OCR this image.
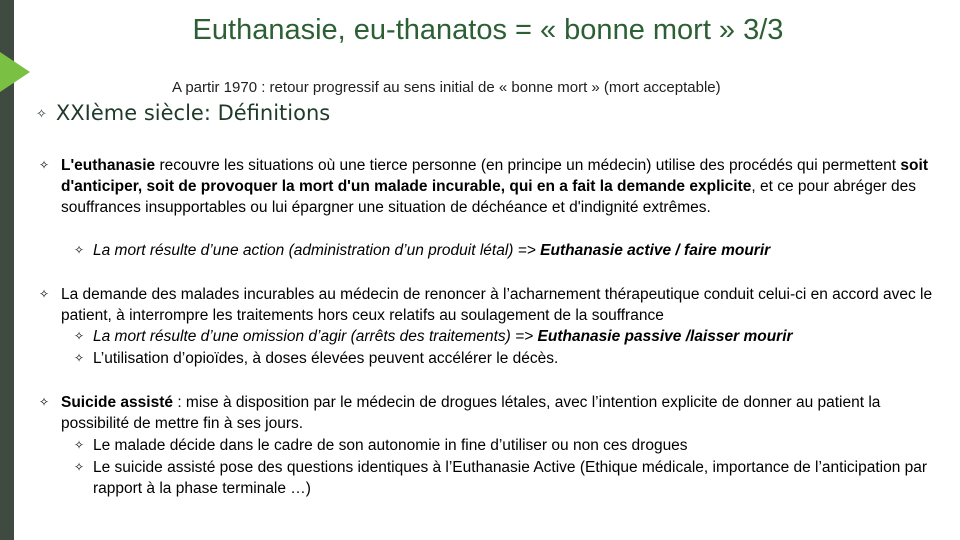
Euthanasie, eu-thanatos = « bonne mort » 3/3
A partir 1970 : retour progressif au sens initial de « bonne mort » (mort acceptable)
✧ XXIème siècle: Définitions
✧ L'euthanasie recouvre les situations où une tierce personne (en principe un médecin) utilise des procédés qui permettent soit d'anticiper, soit de provoquer la mort d'un malade incurable, qui en a fait la demande explicite, et ce pour abréger des souffrances insupportables ou lui épargner une situation de déchéance et d'indignité extrêmes.
✧ La mort résulte d’une action (administration d’un produit létal) => Euthanasie active / faire mourir
✧ La demande des malades incurables au médecin de renoncer à l’acharnement thérapeutique conduit celui-ci en accord avec le patient, à interrompre les traitements hors ceux relatifs au soulagement de la souffrance
✧ La mort résulte d’une omission d’agir (arrêts des traitements) => Euthanasie passive /laisser mourir
✧ L’utilisation d’opioïdes, à doses élevées peuvent accélérer le décès.
✧ Suicide assisté : mise à disposition par le médecin de drogues létales, avec l’intention explicite de donner au patient la possibilité de mettre fin à ses jours.
✧ Le malade décide dans le cadre de son autonomie in fine d’utiliser ou non ces drogues
✧ Le suicide assisté pose des questions identiques à l’Euthanasie Active (Ethique médicale, importance de l’anticipation par rapport à la phase terminale …)
